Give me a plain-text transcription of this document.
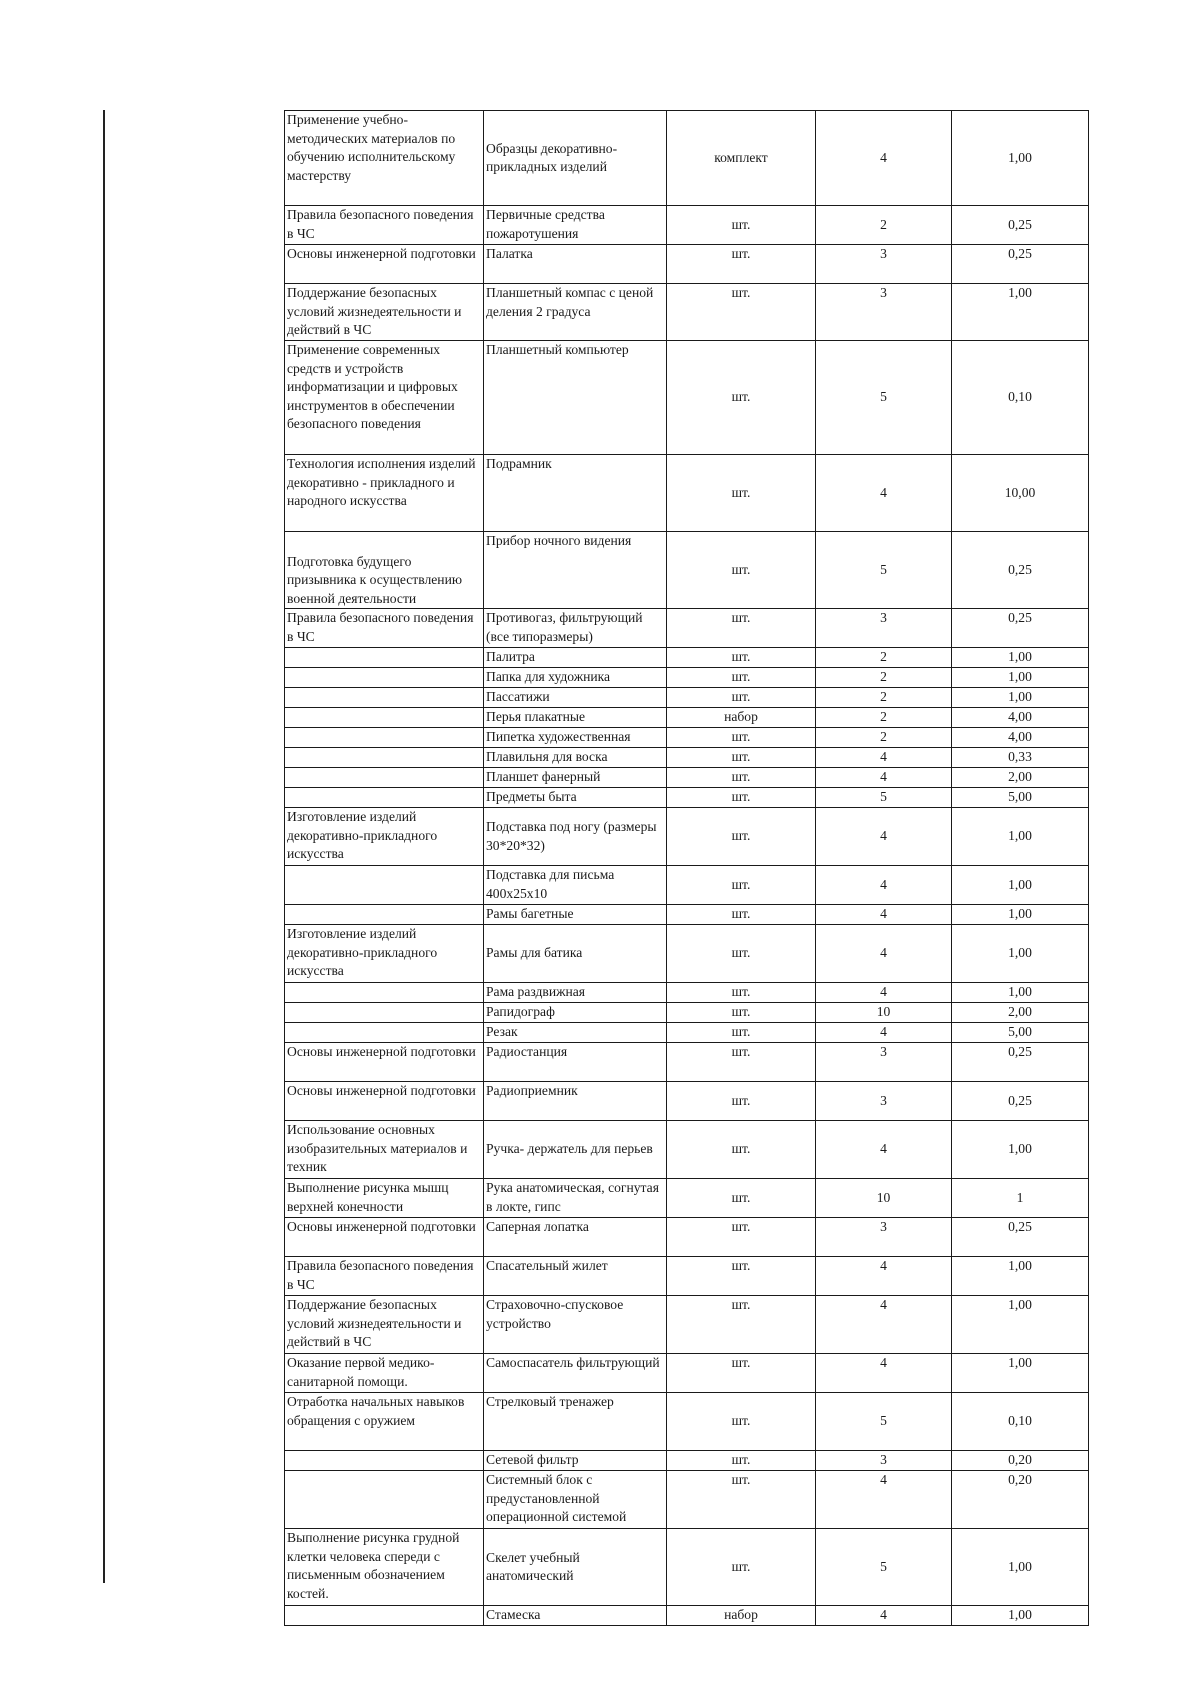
Применение учебно-методических материалов по обучению исполнительскому мастерству	Образцы декоративно-прикладных изделий	комплект	4	1,00
Правила безопасного поведения в ЧС	Первичные средства пожаротушения	шт.	2	0,25
Основы инженерной подготовки	Палатка	шт.	3	0,25
Поддержание безопасных условий жизнедеятельности и действий в ЧС	Планшетный компас с ценой деления 2 градуса	шт.	3	1,00
Применение современных средств и устройств информатизации и цифровых инструментов в обеспечении безопасного поведения	Планшетный компьютер	шт.	5	0,10
Технология исполнения изделий декоративно - прикладного и народного искусства	Подрамник	шт.	4	10,00
Подготовка будущего призывника к осуществлению военной деятельности	Прибор ночного видения	шт.	5	0,25
Правила безопасного поведения в ЧС	Противогаз, фильтрующий (все типоразмеры)	шт.	3	0,25
	Палитра	шт.	2	1,00
	Папка для художника	шт.	2	1,00
	Пассатижи	шт.	2	1,00
	Перья плакатные	набор	2	4,00
	Пипетка художественная	шт.	2	4,00
	Плавильня для воска	шт.	4	0,33
	Планшет фанерный	шт.	4	2,00
	Предметы быта	шт.	5	5,00
Изготовление изделий декоративно-прикладного искусства	Подставка под ногу (размеры 30*20*32)	шт.	4	1,00
	Подставка для письма 400х25х10	шт.	4	1,00
	Рамы багетные	шт.	4	1,00
Изготовление изделий декоративно-прикладного искусства	Рамы для батика	шт.	4	1,00
	Рама раздвижная	шт.	4	1,00
	Рапидограф	шт.	10	2,00
	Резак	шт.	4	5,00
Основы инженерной подготовки	Радиостанция	шт.	3	0,25
Основы инженерной подготовки	Радиоприемник	шт.	3	0,25
Использование основных изобразительных материалов и техник	Ручка- держатель для перьев	шт.	4	1,00
Выполнение рисунка мышц верхней конечности	Рука анатомическая, согнутая в локте, гипс	шт.	10	1
Основы инженерной подготовки	Саперная лопатка	шт.	3	0,25
Правила безопасного поведения в ЧС	Спасательный жилет	шт.	4	1,00
Поддержание безопасных условий жизнедеятельности и действий в ЧС	Страховочно-спусковое устройство	шт.	4	1,00
Оказание первой медико-санитарной помощи.	Самоспасатель фильтрующий	шт.	4	1,00
Отработка начальных навыков обращения с оружием	Стрелковый тренажер	шт.	5	0,10
	Сетевой фильтр	шт.	3	0,20
	Системный блок с предустановленной операционной системой	шт.	4	0,20
Выполнение рисунка грудной клетки человека спереди с письменным обозначением костей.	Скелет учебный анатомический	шт.	5	1,00
	Стамеска	набор	4	1,00
